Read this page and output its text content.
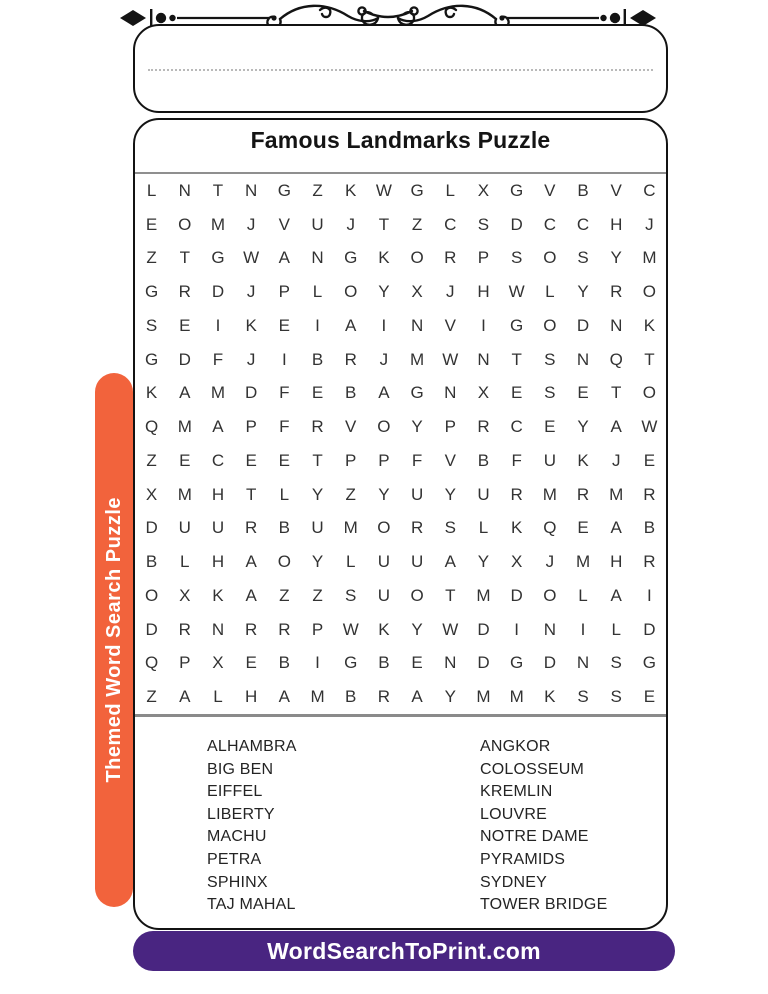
Themed Word Search Puzzle
Famous Landmarks Puzzle
L	N	T	N	G	Z	K	W	G	L	X	G	V	B	V	C
E	O	M	J	V	U	J	T	Z	C	S	D	C	C	H	J
Z	T	G	W	A	N	G	K	O	R	P	S	O	S	Y	M
G	R	D	J	P	L	O	Y	X	J	H	W	L	Y	R	O
S	E	I	K	E	I	A	I	N	V	I	G	O	D	N	K
G	D	F	J	I	B	R	J	M	W	N	T	S	N	Q	T
K	A	M	D	F	E	B	A	G	N	X	E	S	E	T	O
Q	M	A	P	F	R	V	O	Y	P	R	C	E	Y	A	W
Z	E	C	E	E	T	P	P	F	V	B	F	U	K	J	E
X	M	H	T	L	Y	Z	Y	U	Y	U	R	M	R	M	R
D	U	U	R	B	U	M	O	R	S	L	K	Q	E	A	B
B	L	H	A	O	Y	L	U	U	A	Y	X	J	M	H	R
O	X	K	A	Z	Z	S	U	O	T	M	D	O	L	A	I
D	R	N	R	R	P	W	K	Y	W	D	I	N	I	L	D
Q	P	X	E	B	I	G	B	E	N	D	G	D	N	S	G
Z	A	L	H	A	M	B	R	A	Y	M	M	K	S	S	E
ALHAMBRA
BIG BEN
EIFFEL
LIBERTY
MACHU
PETRA
SPHINX
TAJ MAHAL
ANGKOR
COLOSSEUM
KREMLIN
LOUVRE
NOTRE DAME
PYRAMIDS
SYDNEY
TOWER BRIDGE
WordSearchToPrint.com
